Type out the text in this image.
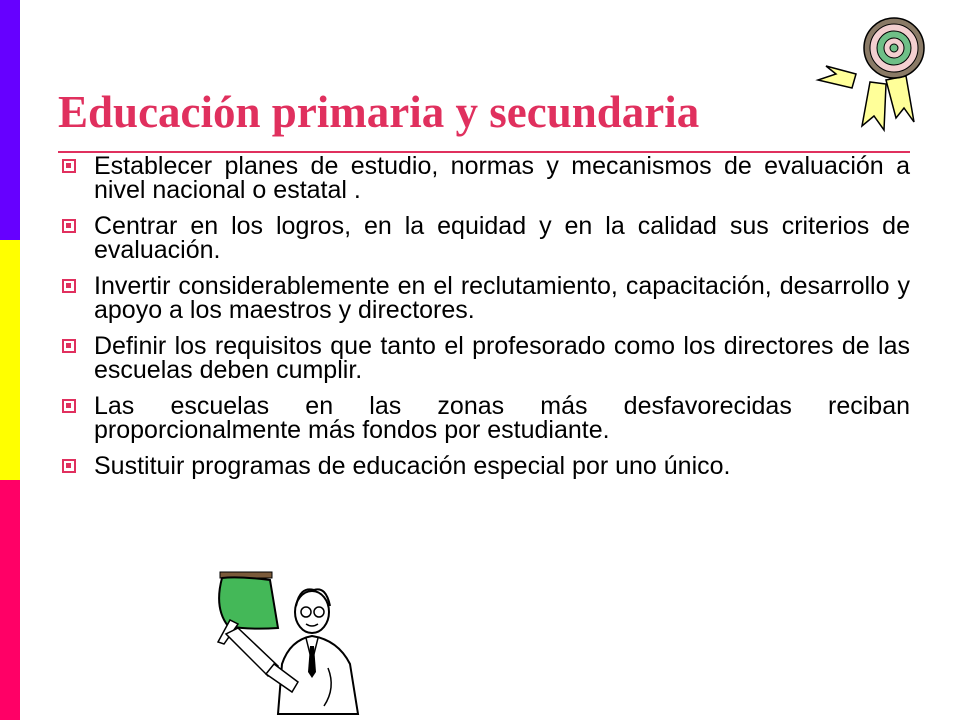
Educación primaria y secundaria
Establecer planes de estudio, normas y mecanismos de evaluación a nivel nacional o estatal .
Centrar en los logros, en la equidad y en la calidad sus criterios de evaluación.
Invertir considerablemente en el reclutamiento, capacitación, desarrollo y apoyo a los maestros y directores.
Definir los requisitos que tanto el profesorado como los directores de las escuelas deben cumplir.
Las escuelas en las zonas más desfavorecidas reciban proporcionalmente más fondos por estudiante.
Sustituir programas de educación especial por uno único.
